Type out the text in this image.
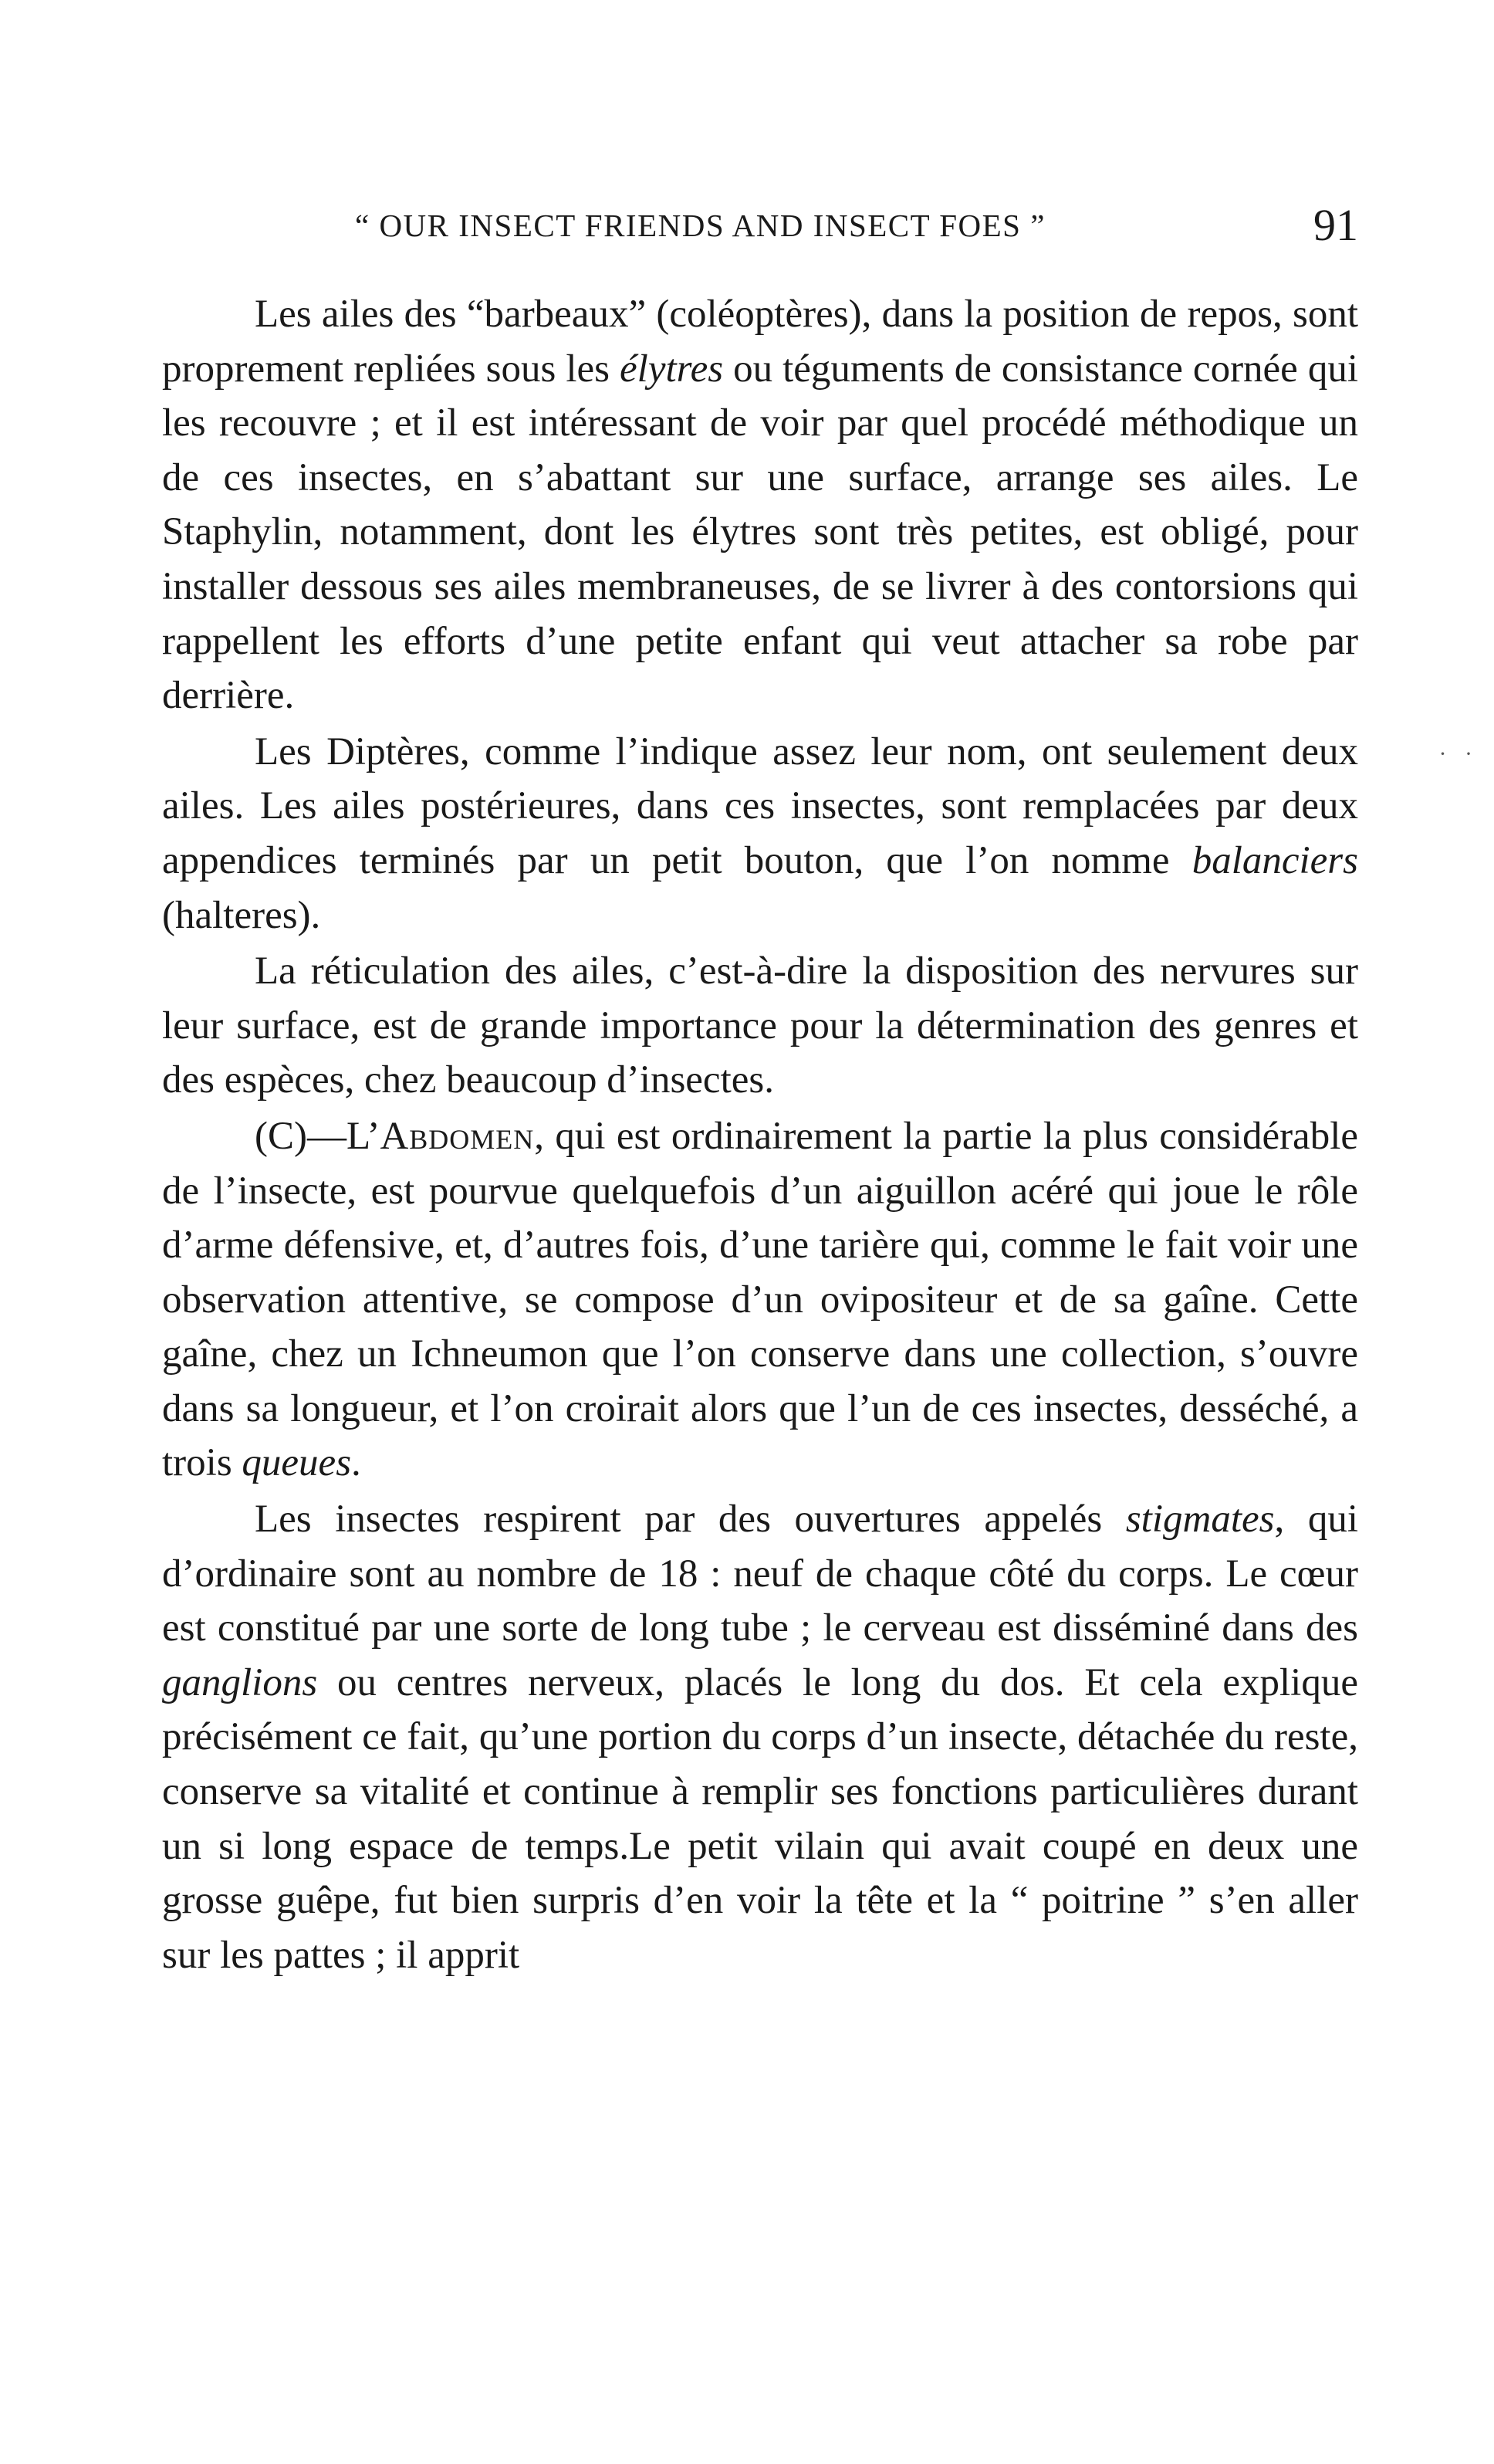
“ OUR INSECT FRIENDS AND INSECT FOES ”	91
· ·

Les ailes des “barbeaux” (coléoptères), dans la position de repos, sont proprement repliées sous les élytres ou téguments de consistance cornée qui les recouvre ; et il est intéressant de voir par quel procédé méthodique un de ces insectes, en s’abattant sur une surface, arrange ses ailes. Le Staphylin, notamment, dont les élytres sont très petites, est obligé, pour installer dessous ses ailes membraneuses, de se livrer à des contorsions qui rappellent les efforts d’une petite enfant qui veut attacher sa robe par derrière.

Les Diptères, comme l’indique assez leur nom, ont seulement deux ailes. Les ailes postérieures, dans ces insectes, sont remplacées par deux appendices terminés par un petit bouton, que l’on nomme balanciers (halteres).

La réticulation des ailes, c’est-à-dire la disposition des nervures sur leur surface, est de grande importance pour la détermination des genres et des espèces, chez beaucoup d’insectes.

(C)—L’Abdomen, qui est ordinairement la partie la plus considérable de l’insecte, est pourvue quelquefois d’un aiguillon acéré qui joue le rôle d’arme défensive, et, d’autres fois, d’une tarière qui, comme le fait voir une observation attentive, se compose d’un ovipositeur et de sa gaîne. Cette gaîne, chez un Ichneumon que l’on conserve dans une collection, s’ouvre dans sa longueur, et l’on croirait alors que l’un de ces insectes, desséché, a trois queues.

Les insectes respirent par des ouvertures appelés stigmates, qui d’ordinaire sont au nombre de 18 : neuf de chaque côté du corps. Le cœur est constitué par une sorte de long tube ; le cerveau est disséminé dans des ganglions ou centres nerveux, placés le long du dos. Et cela explique précisément ce fait, qu’une portion du corps d’un insecte, détachée du reste, conserve sa vitalité et continue à remplir ses fonctions particulières durant un si long espace de temps.Le petit vilain qui avait coupé en deux une grosse guêpe, fut bien surpris d’en voir la tête et la “ poitrine ” s’en aller sur les pattes ; il apprit
